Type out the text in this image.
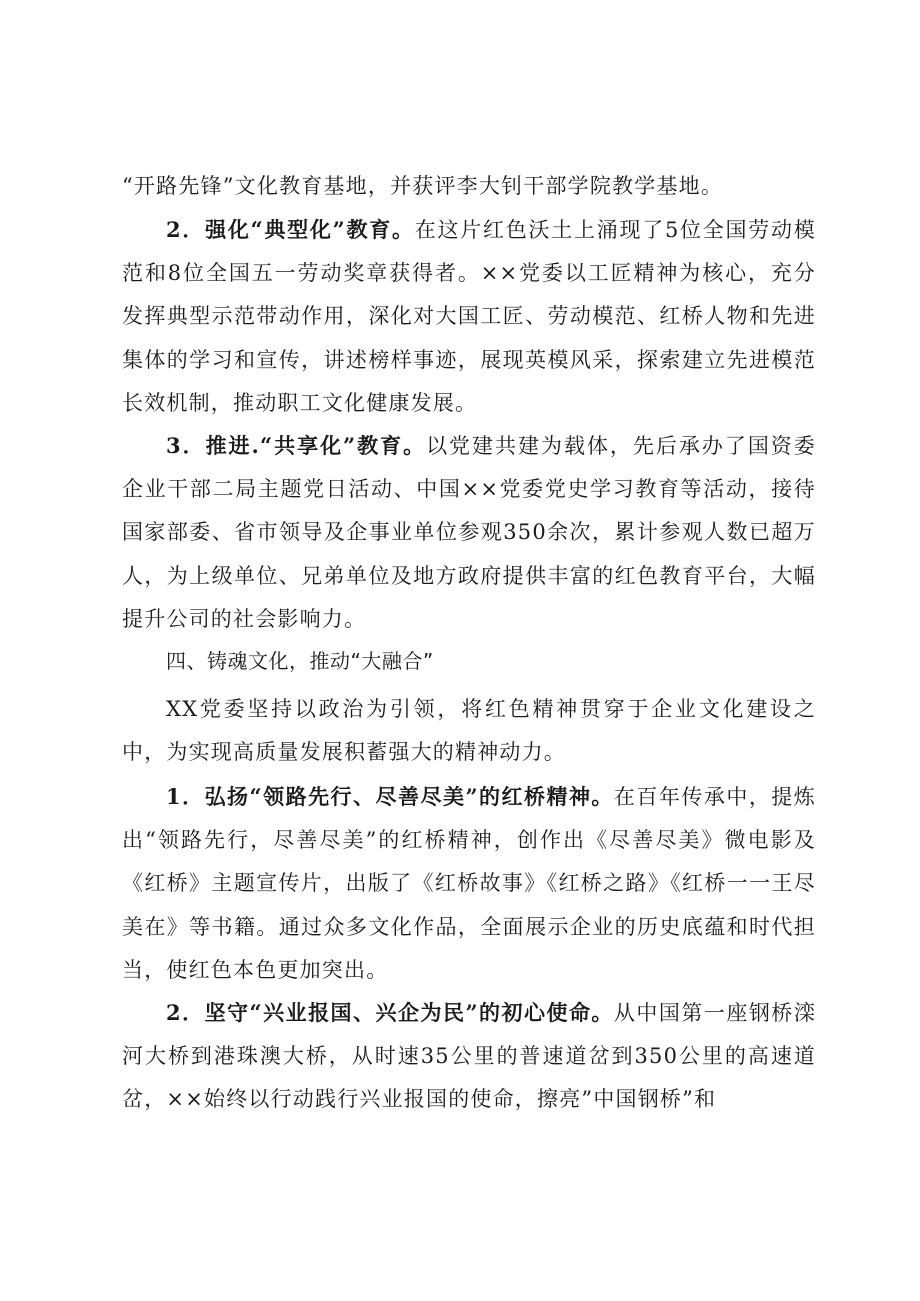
“开路先锋”文化教育基地，并获评李大钊干部学院教学基地。

2．强化“典型化”教育。在这片红色沃土上涌现了5位全国劳动模范和8位全国五一劳动奖章获得者。××党委以工匠精神为核心，充分发挥典型示范带动作用，深化对大国工匠、劳动模范、红桥人物和先进集体的学习和宣传，讲述榜样事迹，展现英模风采，探索建立先进模范长效机制，推动职工文化健康发展。

3．推进.“共享化”教育。以党建共建为载体，先后承办了国资委企业干部二局主题党日活动、中国××党委党史学习教育等活动，接待国家部委、省市领导及企事业单位参观350余次，累计参观人数已超万人，为上级单位、兄弟单位及地方政府提供丰富的红色教育平台，大幅提升公司的社会影响力。

四、铸魂文化，推动“大融合”

XX党委坚持以政治为引领，将红色精神贯穿于企业文化建设之中，为实现高质量发展积蓄强大的精神动力。

1．弘扬“领路先行、尽善尽美”的红桥精神。在百年传承中，提炼出“领路先行，尽善尽美”的红桥精神，创作出《尽善尽美》微电影及《红桥》主题宣传片，出版了《红桥故事》《红桥之路》《红桥一一王尽美在》等书籍。通过众多文化作品，全面展示企业的历史底蕴和时代担当，使红色本色更加突出。

2．坚守“兴业报国、兴企为民”的初心使命。从中国第一座钢桥滦河大桥到港珠澳大桥，从时速35公里的普速道岔到350公里的高速道岔，××始终以行动践行兴业报国的使命，擦亮”中国钢桥”和
